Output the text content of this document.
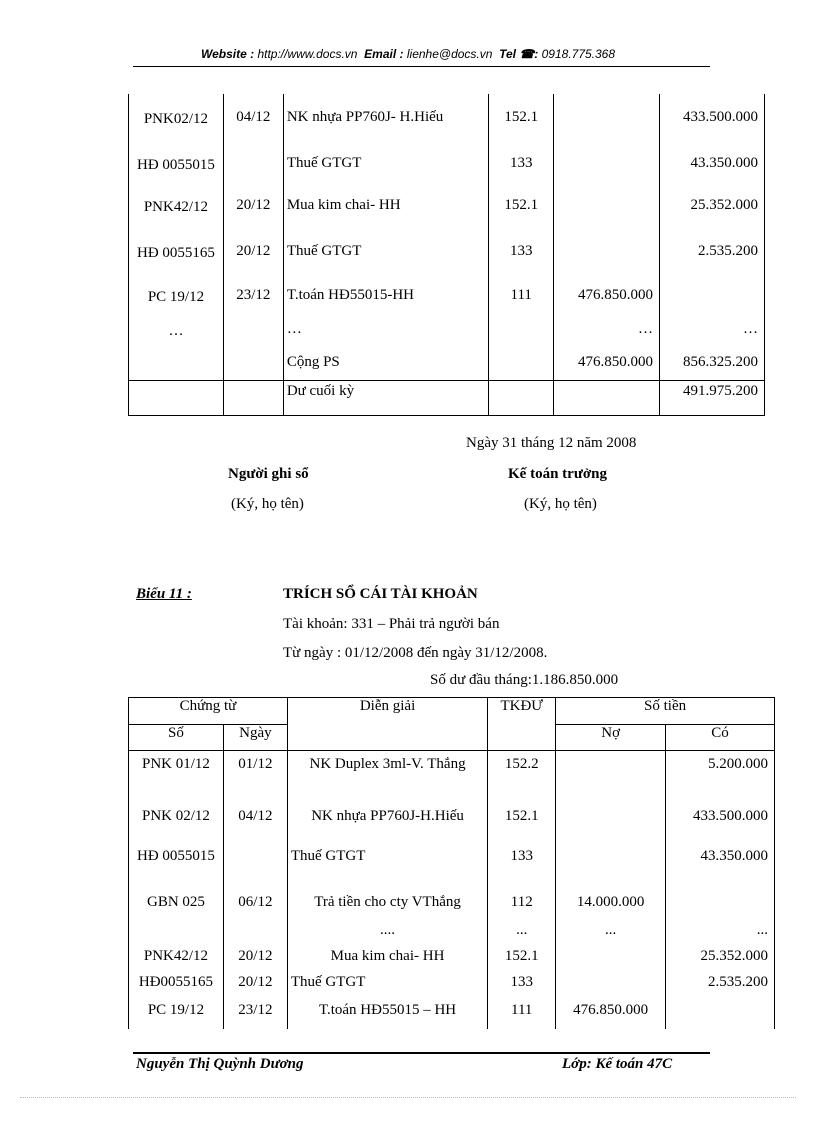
Website : http://www.docs.vn Email : lienhe@docs.vn Tel ☎: 0918.775.368
PNK02/12	04/12	NK nhựa PP760J- H.Hiếu	152.1		433.500.000
HĐ 0055015		Thuế GTGT	133		43.350.000
PNK42/12	20/12	Mua kim chai- HH	152.1		25.352.000
HĐ 0055165	20/12	Thuế GTGT	133		2.535.200
PC 19/12	23/12	T.toán HĐ55015-HH	111	476.850.000	
…		…		…	…
		Cộng PS		476.850.000	856.325.200
		Dư cuối kỳ			491.975.200
Ngày 31 tháng 12 năm 2008
Người ghi sổ
(Ký, họ tên)
Kế toán trưởng
(Ký, họ tên)
Biểu 11 :	TRÍCH SỔ CÁI TÀI KHOẢN
Tài khoản: 331 – Phải trả người bán
Từ ngày : 01/12/2008 đến ngày 31/12/2008.
Số dư đầu tháng:1.186.850.000
Chứng từ		Diễn giải	TKĐƯ	Số tiền	
Số	Ngày			Nợ	Có
PNK 01/12	01/12	NK Duplex 3ml-V. Thắng	152.2		5.200.000
PNK 02/12	04/12	NK nhựa PP760J-H.Hiếu	152.1		433.500.000
HĐ 0055015		Thuế GTGT	133		43.350.000
GBN 025	06/12	Trả tiền cho cty VThắng	112	14.000.000	
		....	...	...	...
PNK42/12	20/12	Mua kim chai- HH	152.1		25.352.000
HĐ0055165	20/12	Thuế GTGT	133		2.535.200
PC 19/12	23/12	T.toán HĐ55015 – HH	111	476.850.000	
Nguyễn Thị Quỳnh Dương	Lớp: Kế toán 47C
